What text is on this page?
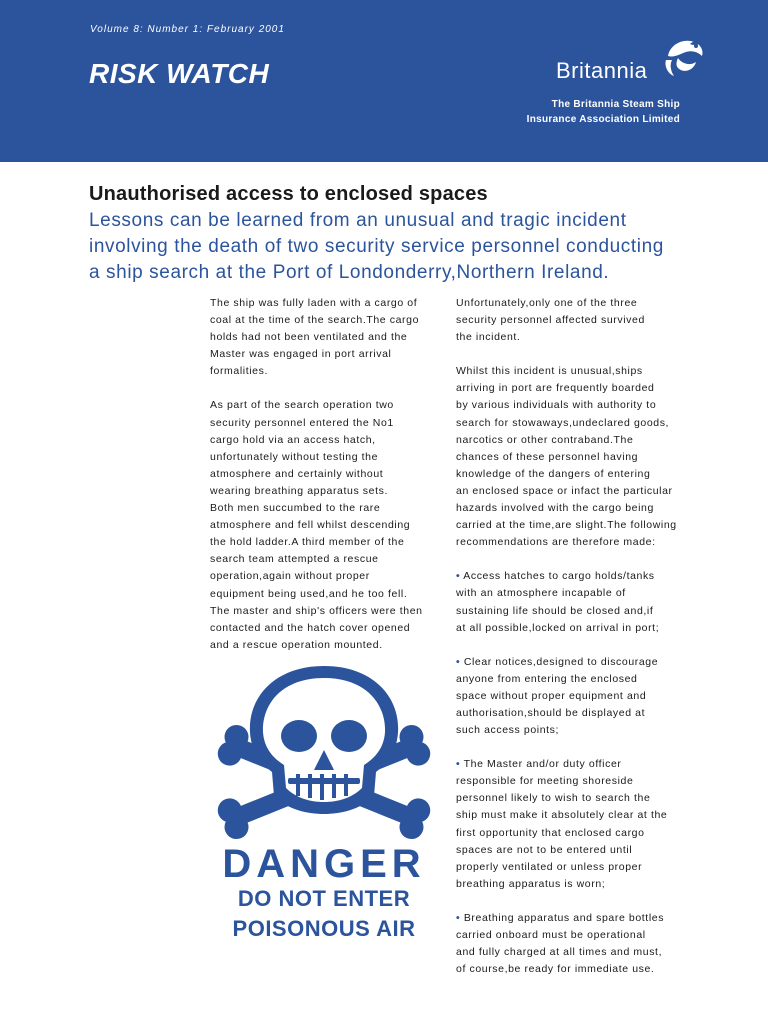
Volume 8: Number 1: February 2001
RISK WATCH	Britannia
The Britannia Steam Ship
Insurance Association Limited
Unauthorised access to enclosed spaces
Lessons can be learned from an unusual and tragic incident
involving the death of two security service personnel conducting
a ship search at the Port of Londonderry,Northern Ireland.

The ship was fully laden with a cargo of
coal at the time of the search.The cargo
holds had not been ventilated and the
Master was engaged in port arrival
formalities.

As part of the search operation two
security personnel entered the No1
cargo hold via an access hatch,
unfortunately without testing the
atmosphere and certainly without
wearing breathing apparatus sets.
Both men succumbed to the rare
atmosphere and fell whilst descending
the hold ladder.A third member of the
search team attempted a rescue
operation,again without proper
equipment being used,and he too fell.
The master and ship's officers were then
contacted and the hatch cover opened
and a rescue operation mounted.

Unfortunately,only one of the three
security personnel affected survived
the incident.

Whilst this incident is unusual,ships
arriving in port are frequently boarded
by various individuals with authority to
search for stowaways,undeclared goods,
narcotics or other contraband.The
chances of these personnel having
knowledge of the dangers of entering
an enclosed space or infact the particular
hazards involved with the cargo being
carried at the time,are slight.The following
recommendations are therefore made:

• Access hatches to cargo holds/tanks
with an atmosphere incapable of
sustaining life should be closed and,if
at all possible,locked on arrival in port;

• Clear notices,designed to discourage
anyone from entering the enclosed
space without proper equipment and
authorisation,should be displayed at
such access points;

• The Master and/or duty officer
responsible for meeting shoreside
personnel likely to wish to search the
ship must make it absolutely clear at the
first opportunity that enclosed cargo
spaces are not to be entered until
properly ventilated or unless proper
breathing apparatus is worn;

• Breathing apparatus and spare bottles
carried onboard must be operational
and fully charged at all times and must,
of course,be ready for immediate use.

DANGER
DO NOT ENTER
POISONOUS AIR
